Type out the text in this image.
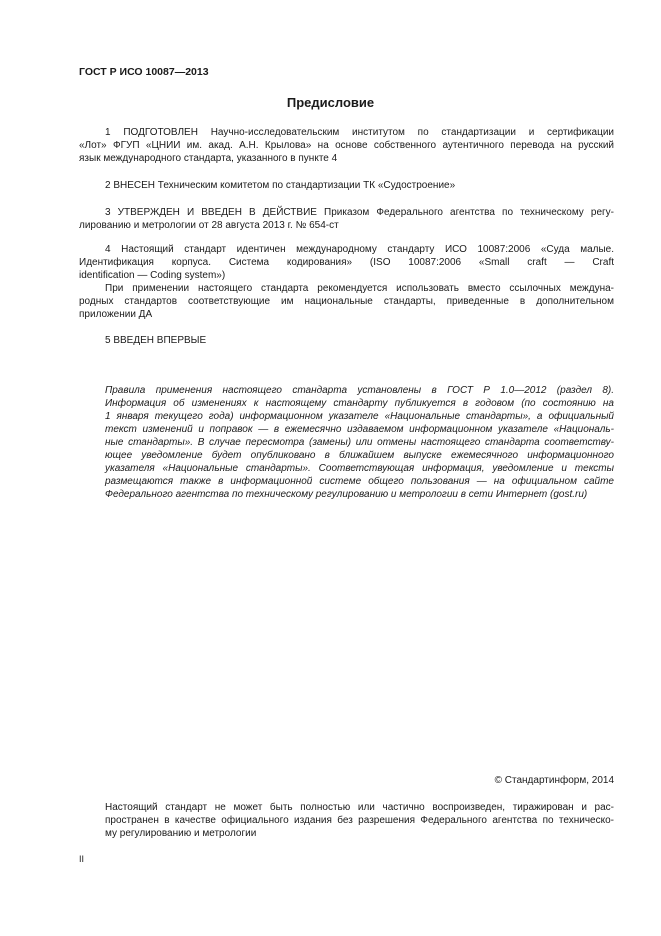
ГОСТ Р ИСО 10087—2013
Предисловие
1 ПОДГОТОВЛЕН Научно-исследовательским институтом по стандартизации и сертификации
«Лот» ФГУП «ЦНИИ им. акад. А.Н. Крылова» на основе собственного аутентичного перевода на русский
язык международного стандарта, указанного в пункте 4
2 ВНЕСЕН Техническим комитетом по стандартизации ТК «Судостроение»
3 УТВЕРЖДЕН И ВВЕДЕН В ДЕЙСТВИЕ Приказом Федерального агентства по техническому регу-
лированию и метрологии от 28 августа 2013 г. № 654-ст
4 Настоящий стандарт идентичен международному стандарту ИСО 10087:2006 «Суда малые.
Идентификация корпуса. Система кодирования» (ISO 10087:2006 «Small craft — Craft
identification — Coding system»)
При применении настоящего стандарта рекомендуется использовать вместо ссылочных междуна-
родных стандартов соответствующие им национальные стандарты, приведенные в дополнительном
приложении ДА
5 ВВЕДЕН ВПЕРВЫЕ
Правила применения настоящего стандарта установлены в ГОСТ Р 1.0—2012 (раздел 8).
Информация об изменениях к настоящему стандарту публикуется в годовом (по состоянию на
1 января текущего года) информационном указателе «Национальные стандарты», а официальный
текст изменений и поправок — в ежемесячно издаваемом информационном указателе «Националь-
ные стандарты». В случае пересмотра (замены) или отмены настоящего стандарта соответству-
ющее уведомление будет опубликовано в ближайшем выпуске ежемесячного информационного
указателя «Национальные стандарты». Соответствующая информация, уведомление и тексты
размещаются также в информационной системе общего пользования — на официальном сайте
Федерального агентства по техническому регулированию и метрологии в сети Интернет (gost.ru)
© Стандартинформ, 2014
Настоящий стандарт не может быть полностью или частично воспроизведен, тиражирован и рас-
пространен в качестве официального издания без разрешения Федерального агентства по техническо-
му регулированию и метрологии
II
